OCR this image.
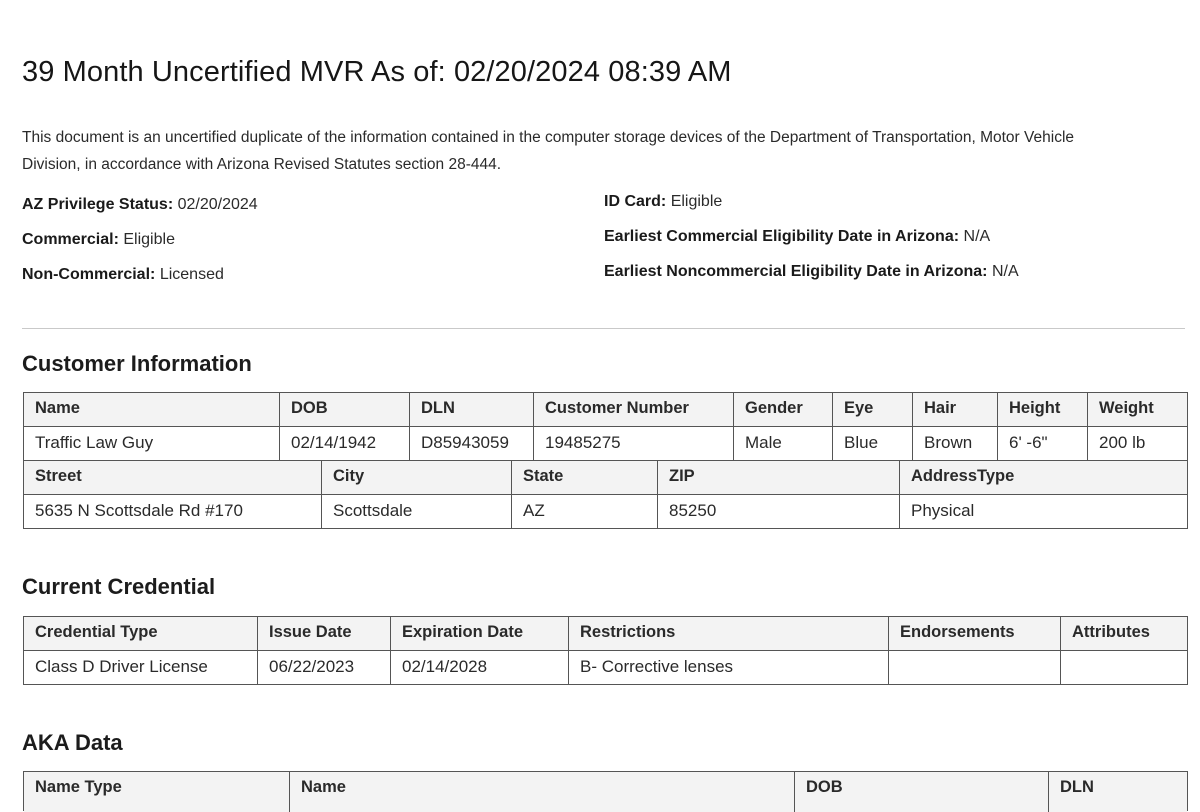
39 Month Uncertified MVR As of: 02/20/2024 08:39 AM
This document is an uncertified duplicate of the information contained in the computer storage devices of the Department of Transportation, Motor Vehicle Division, in accordance with Arizona Revised Statutes section 28-444.
AZ Privilege Status: 02/20/2024
Commercial: Eligible
Non-Commercial: Licensed
ID Card: Eligible
Earliest Commercial Eligibility Date in Arizona: N/A
Earliest Noncommercial Eligibility Date in Arizona: N/A
Customer Information
Name	DOB	DLN	Customer Number	Gender	Eye	Hair	Height	Weight
Traffic Law Guy	02/14/1942	D85943059	19485275	Male	Blue	Brown	6' -6"	200 lb
Street	City	State	ZIP	AddressType
5635 N Scottsdale Rd #170	Scottsdale	AZ	85250	Physical
Current Credential
Credential Type	Issue Date	Expiration Date	Restrictions	Endorsements	Attributes
Class D Driver License	06/22/2023	02/14/2028	B- Corrective lenses
AKA Data
Name Type	Name	DOB	DLN
